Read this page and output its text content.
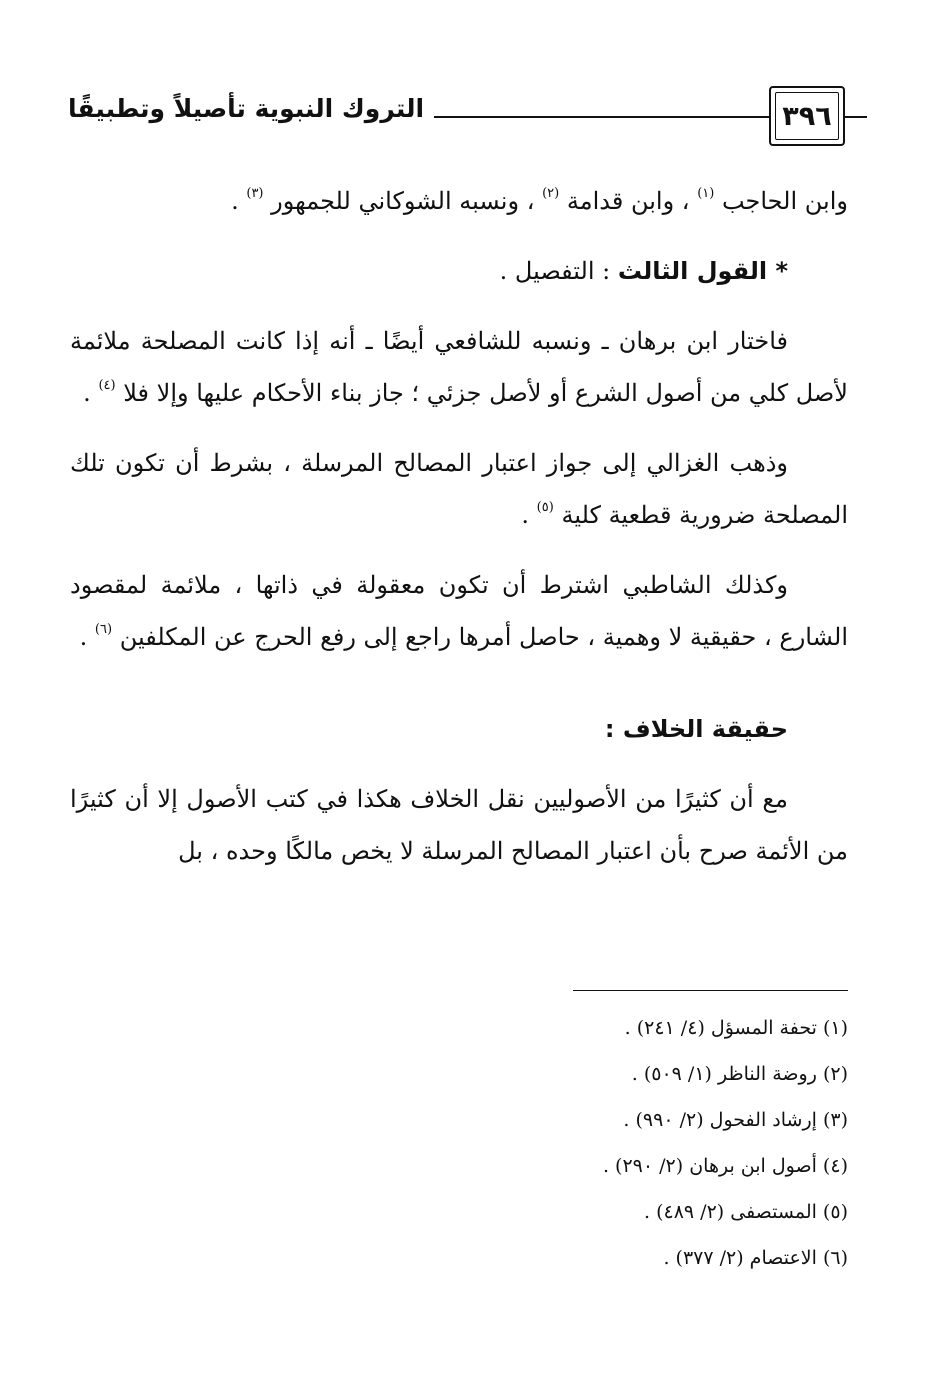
٣٩٦
التروك النبوية تأصيلاً وتطبيقًا

وابن الحاجب $^{(١)}$ ، وابن قدامة $^{(٢)}$ ، ونسبه الشوكاني للجمهور $^{(٣)}$ .

* القول الثالث : التفصيل .

فاختار ابن برهان ـ ونسبه للشافعي أيضًا ـ أنه إذا كانت المصلحة ملائمة لأصل كلي من أصول الشرع أو لأصل جزئي ؛ جاز بناء الأحكام عليها وإلا فلا $^{(٤)}$ .

وذهب الغزالي إلى جواز اعتبار المصالح المرسلة ، بشرط أن تكون تلك المصلحة ضرورية قطعية كلية $^{(٥)}$ .

وكذلك الشاطبي اشترط أن تكون معقولة في ذاتها ، ملائمة لمقصود الشارع ، حقيقية لا وهمية ، حاصل أمرها راجع إلى رفع الحرج عن المكلفين $^{(٦)}$ .

حقيقة الخلاف :

مع أن كثيرًا من الأصوليين نقل الخلاف هكذا في كتب الأصول إلا أن كثيرًا من الأئمة صرح بأن اعتبار المصالح المرسلة لا يخص مالكًا وحده ، بل

(١) تحفة المسؤل (٤/ ٢٤١) .
(٢) روضة الناظر (١/ ٥٠٩) .
(٣) إرشاد الفحول (٢/ ٩٩٠) .
(٤) أصول ابن برهان (٢/ ٢٩٠) .
(٥) المستصفى (٢/ ٤٨٩) .
(٦) الاعتصام (٢/ ٣٧٧) .
